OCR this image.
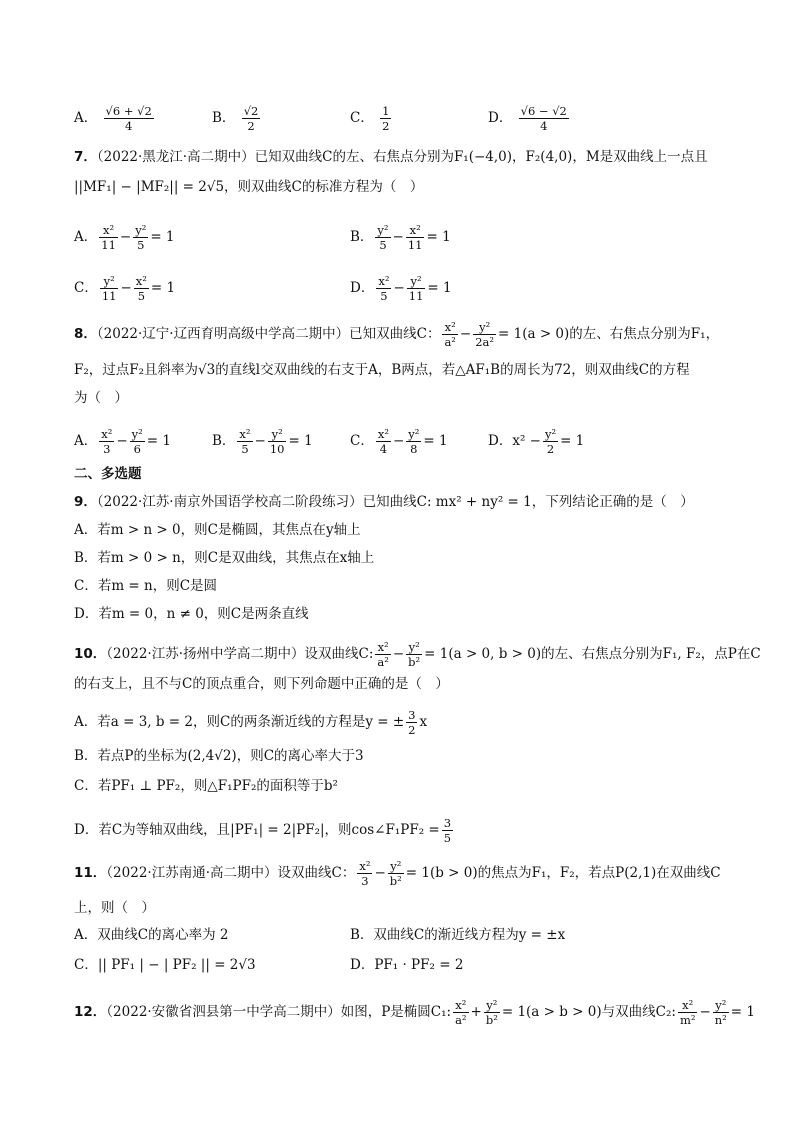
A． $\frac{√6 + √2}{4}$	B． $\frac{√2}{2}$	C． $\frac{1}{2}$	D． $\frac{√6 - √2}{4}$
7．（2022·黑龙江·高二期中）已知双曲线C的左、右焦点分别为F₁(−4,0)，F₂(4,0)，M是双曲线上一点且
||MF₁| − |MF₂|| = 2√5，则双曲线C的标准方程为（　）
A． $\frac{\text{x²}}{11} - \frac{\text{y²}}{5} = 1$	B． $\frac{\text{y²}}{5} - \frac{\text{x²}}{11} = 1$
C． $\frac{\text{y²}}{11} - \frac{\text{x²}}{5} = 1$	D． $\frac{\text{x²}}{5} - \frac{\text{y²}}{11} = 1$
8．（2022·辽宁·辽西育明高级中学高二期中）已知双曲线C： $\frac{\text{x²}}{\text{a²}} - \frac{\text{y²}}{\text{2a²}} = 1(a > 0)$的左、右焦点分别为F₁，
F₂，过点F₂且斜率为√3的直线l交双曲线的右支于A，B两点，若△AF₁B的周长为72，则双曲线C的方程
为（　）
A． $\frac{\text{x²}}{3} - \frac{\text{y²}}{6} = 1$	B． $\frac{\text{x²}}{5} - \frac{\text{y²}}{10} = 1$	C． $\frac{\text{x²}}{4} - \frac{\text{y²}}{8} = 1$	D．$x^2 - \frac{\text{y²}}{2} = 1$
二、多选题
9．（2022·江苏·南京外国语学校高二阶段练习）已知曲线C: mx² + ny² = 1，下列结论正确的是（　）
A．若m > n > 0，则C是椭圆，其焦点在y轴上
B．若m > 0 > n，则C是双曲线，其焦点在x轴上
C．若m = n，则C是圆
D．若m = 0，n ≠ 0，则C是两条直线
10．（2022·江苏·扬州中学高二期中）设双曲线C: $\frac{\text{x²}}{\text{a²}} - \frac{\text{y²}}{\text{b²}} = 1(a > 0$, b > 0)的左、右焦点分别为F₁, F₂，点P在C
的右支上，且不与C的顶点重合，则下列命题中正确的是（　）
A．若a = 3, b = 2，则C的两条渐近线的方程是y = ± $\frac{3}{2}$ x
B．若点P的坐标为(2,4√2)，则C的离心率大于3
C．若PF₁ ⊥ PF₂，则△F₁PF₂的面积等于b²
D．若C为等轴双曲线，且|PF₁| = 2|PF₂|，则cos∠F₁PF₂ = $\frac{3}{5}$
11．（2022·江苏南通·高二期中）设双曲线C： $\frac{\text{x²}}{3} - \frac{\text{y²}}{\text{b²}} = 1(b > 0)$的焦点为F₁，F₂，若点P(2,1)在双曲线C
上，则（　）
A．双曲线C的离心率为 2	B．双曲线C的渐近线方程为y = ±x
C．|| PF₁ | − | PF₂ || = 2√3	D．PF₁ · PF₂ = 2
12．（2022·安徽省泗县第一中学高二期中）如图，P是椭圆C₁: $\frac{\text{x²}}{\text{a²}} + \frac{\text{y²}}{\text{b²}} = 1(a > b > 0)$与双曲线C₂: $\frac{\text{x²}}{\text{m²}} - \frac{\text{y²}}{\text{n²}} = 1$
